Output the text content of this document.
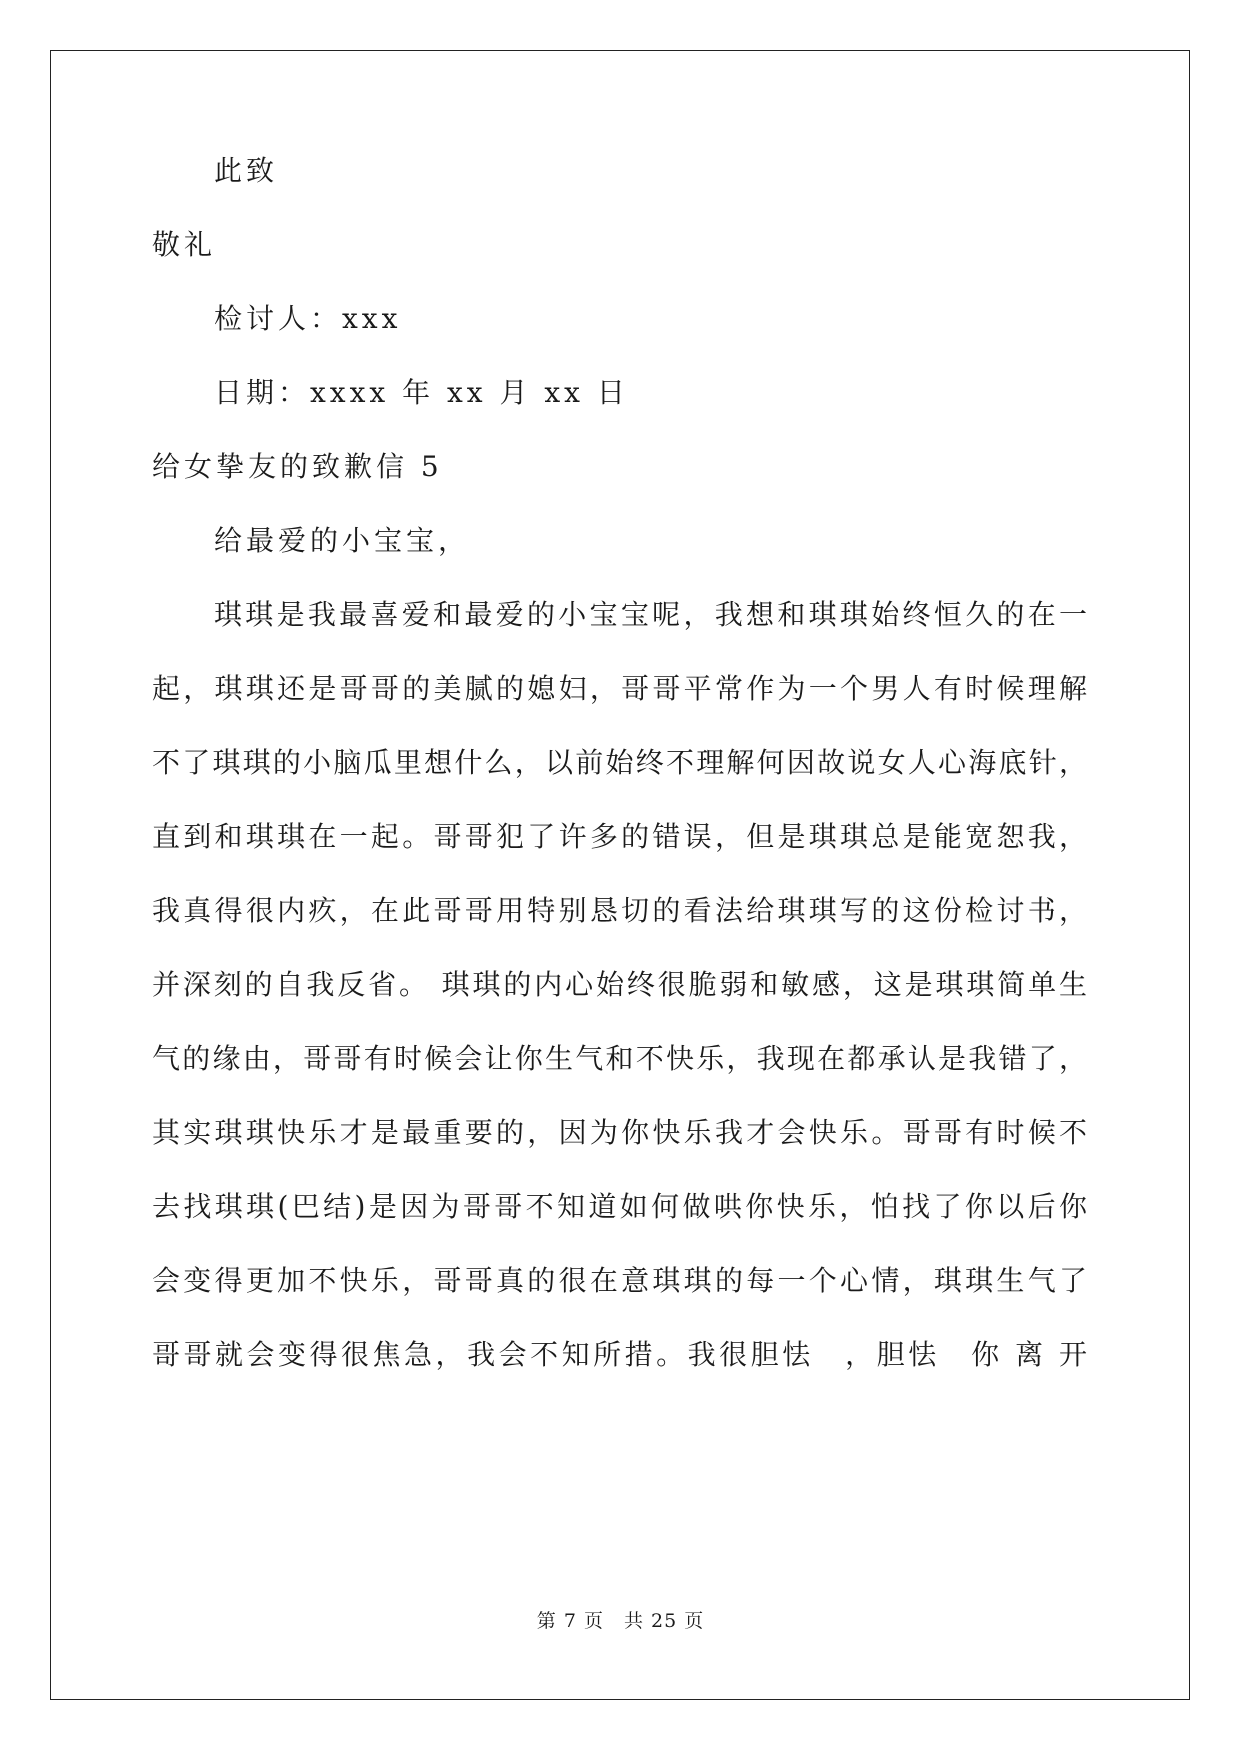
此致
敬礼
检讨人：xxx
日期：xxxx 年 xx 月 xx 日
给女挚友的致歉信 5
给最爱的小宝宝，
琪琪是我最喜爱和最爱的小宝宝呢，我想和琪琪始终恒久的在一
起，琪琪还是哥哥的美腻的媳妇，哥哥平常作为一个男人有时候理解
不了琪琪的小脑瓜里想什么，以前始终不理解何因故说女人心海底针，
直到和琪琪在一起。哥哥犯了许多的错误，但是琪琪总是能宽恕我，
我真得很内疚，在此哥哥用特别恳切的看法给琪琪写的这份检讨书，
并深刻的自我反省。 琪琪的内心始终很脆弱和敏感，这是琪琪简单生
气的缘由，哥哥有时候会让你生气和不快乐，我现在都承认是我错了，
其实琪琪快乐才是最重要的，因为你快乐我才会快乐。哥哥有时候不
去找琪琪(巴结)是因为哥哥不知道如何做哄你快乐，怕找了你以后你
会变得更加不快乐，哥哥真的很在意琪琪的每一个心情，琪琪生气了
哥哥就会变得很焦急，我会不知所措。我很胆怯　，胆怯　你 离 开
第 7 页　共 25 页
